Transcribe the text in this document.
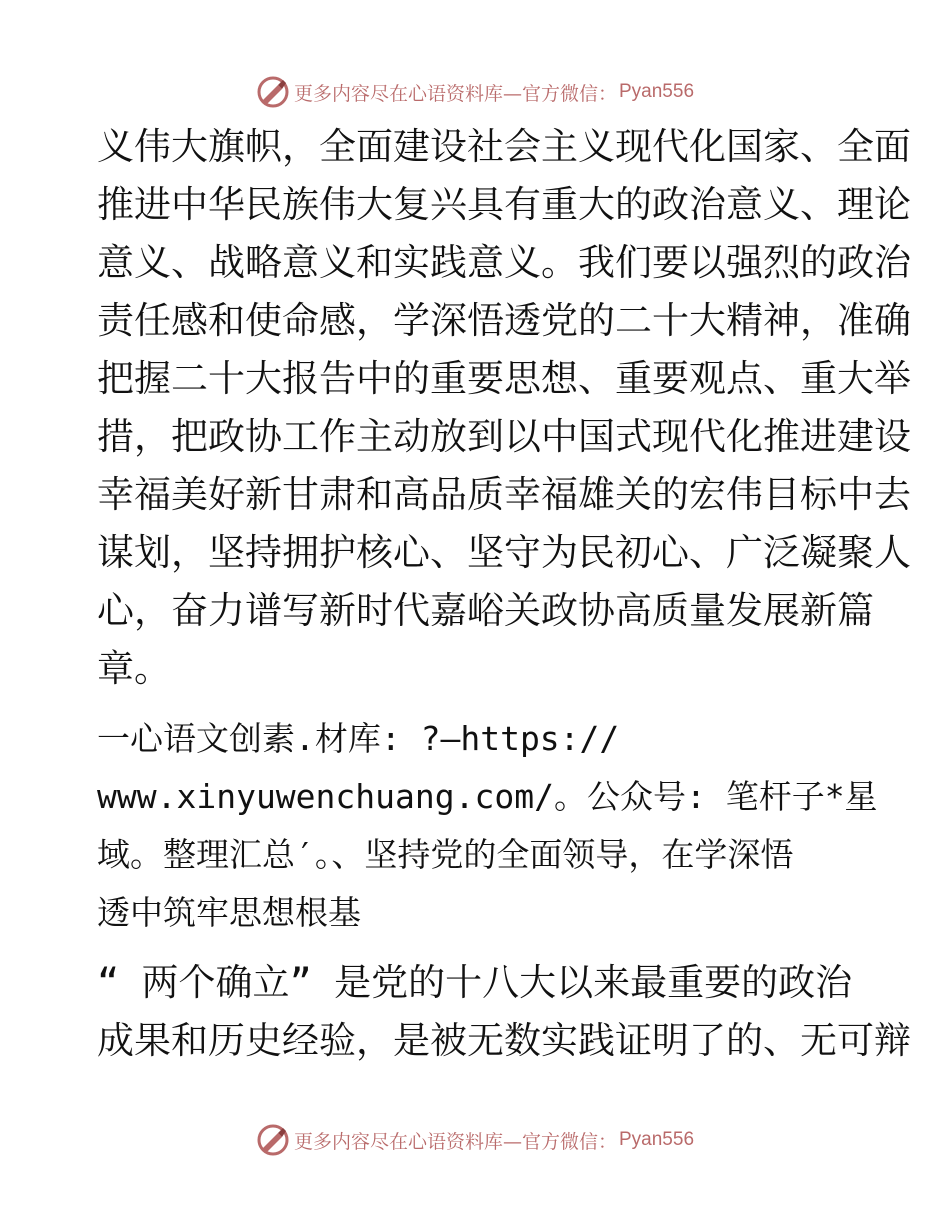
更多内容尽在心语资料库—官方微信： Pyan556

义伟大旗帜，全面建设社会主义现代化国家、全面
推进中华民族伟大复兴具有重大的政治意义、理论
意义、战略意义和实践意义。我们要以强烈的政治
责任感和使命感，学深悟透党的二十大精神，准确
把握二十大报告中的重要思想、重要观点、重大举
措，把政协工作主动放到以中国式现代化推进建设
幸福美好新甘肃和高品质幸福雄关的宏伟目标中去
谋划，坚持拥护核心、坚守为民初心、广泛凝聚人
心，奋力谱写新时代嘉峪关政协高质量发展新篇
章。

一心语文创素.材库: ?—https://
www.xinyuwenchuang.com/。公众号: 笔杆子*星
域。整理汇总′。、坚持党的全面领导，在学深悟
透中筑牢思想根基

“ 两个确立” 是党的十八大以来最重要的政治
成果和历史经验，是被无数实践证明了的、无可辩

更多内容尽在心语资料库—官方微信： Pyan556
